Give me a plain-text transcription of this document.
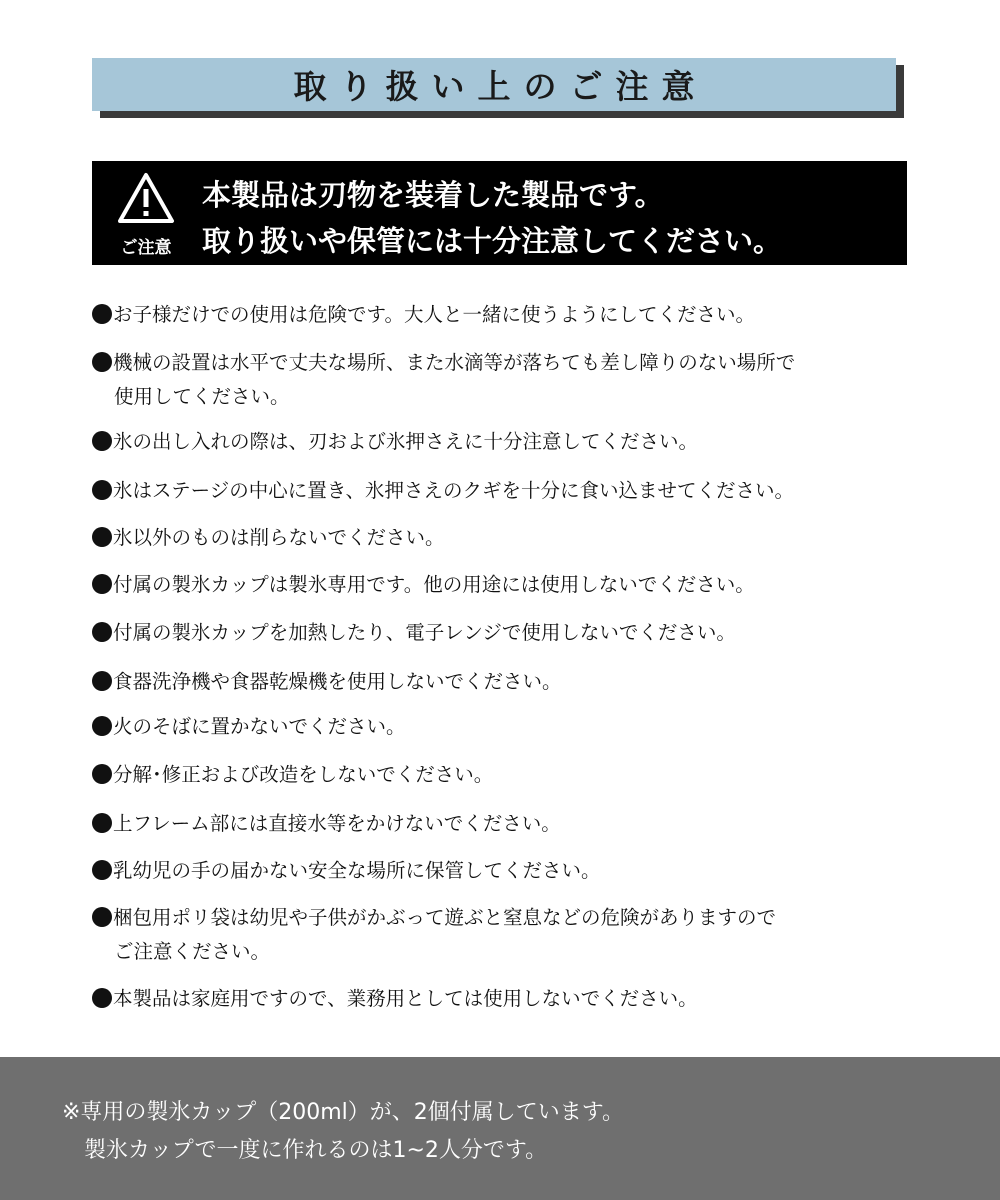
取り扱い上のご注意
ご注意
本製品は刃物を装着した製品です。
取り扱いや保管には十分注意してください。
お子様だけでの使用は危険です。大人と一緒に使うようにしてください。
機械の設置は水平で丈夫な場所、また水滴等が落ちても差し障りのない場所で
使用してください。
氷の出し入れの際は、刃および氷押さえに十分注意してください。
氷はステージの中心に置き、氷押さえのクギを十分に食い込ませてください。
氷以外のものは削らないでください。
付属の製氷カップは製氷専用です。他の用途には使用しないでください。
付属の製氷カップを加熱したり、電子レンジで使用しないでください。
食器洗浄機や食器乾燥機を使用しないでください。
火のそばに置かないでください。
分解･修正および改造をしないでください。
上フレーム部には直接水等をかけないでください。
乳幼児の手の届かない安全な場所に保管してください。
梱包用ポリ袋は幼児や子供がかぶって遊ぶと窒息などの危険がありますので
ご注意ください。
本製品は家庭用ですので、業務用としては使用しないでください。
※専用の製氷カップ（200ml）が、2個付属しています。
製氷カップで一度に作れるのは1~2人分です。
